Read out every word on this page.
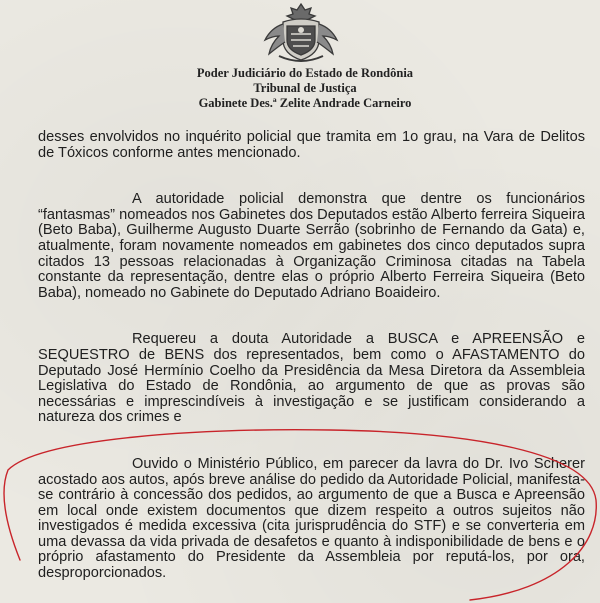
Poder Judiciário do Estado de Rondônia
Tribunal de Justiça
Gabinete Des.ª Zelite Andrade Carneiro

desses envolvidos no inquérito policial que tramita em 1o grau, na Vara de Delitos de Tóxicos conforme antes mencionado.

A autoridade policial demonstra que dentre os funcionários “fantasmas” nomeados nos Gabinetes dos Deputados estão Alberto ferreira Siqueira (Beto Baba), Guilherme Augusto Duarte Serrão (sobrinho de Fernando da Gata) e, atualmente, foram novamente nomeados em gabinetes dos cinco deputados supra citados 13 pessoas relacionadas à Organização Criminosa citadas na Tabela constante da representação, dentre elas o próprio Alberto Ferreira Siqueira (Beto Baba), nomeado no Gabinete do Deputado Adriano Boaideiro.

Requereu a douta Autoridade a BUSCA e APREENSÃO e SEQUESTRO de BENS dos representados, bem como o AFASTAMENTO do Deputado José Hermínio Coelho da Presidência da Mesa Diretora da Assembleia Legislativa do Estado de Rondônia, ao argumento de que as provas são necessárias e imprescindíveis à investigação e se justificam considerando a natureza dos crimes e

Ouvido o Ministério Público, em parecer da lavra do Dr. Ivo Scherer acostado aos autos, após breve análise do pedido da Autoridade Policial, manifesta-se contrário à concessão dos pedidos, ao argumento de que a Busca e Apreensão em local onde existem documentos que dizem respeito a outros sujeitos não investigados é medida excessiva (cita jurisprudência do STF) e se converteria em uma devassa da vida privada de desafetos e quanto à indisponibilidade de bens e o próprio afastamento do Presidente da Assembleia por reputá-los, por ora, desproporcionados.
